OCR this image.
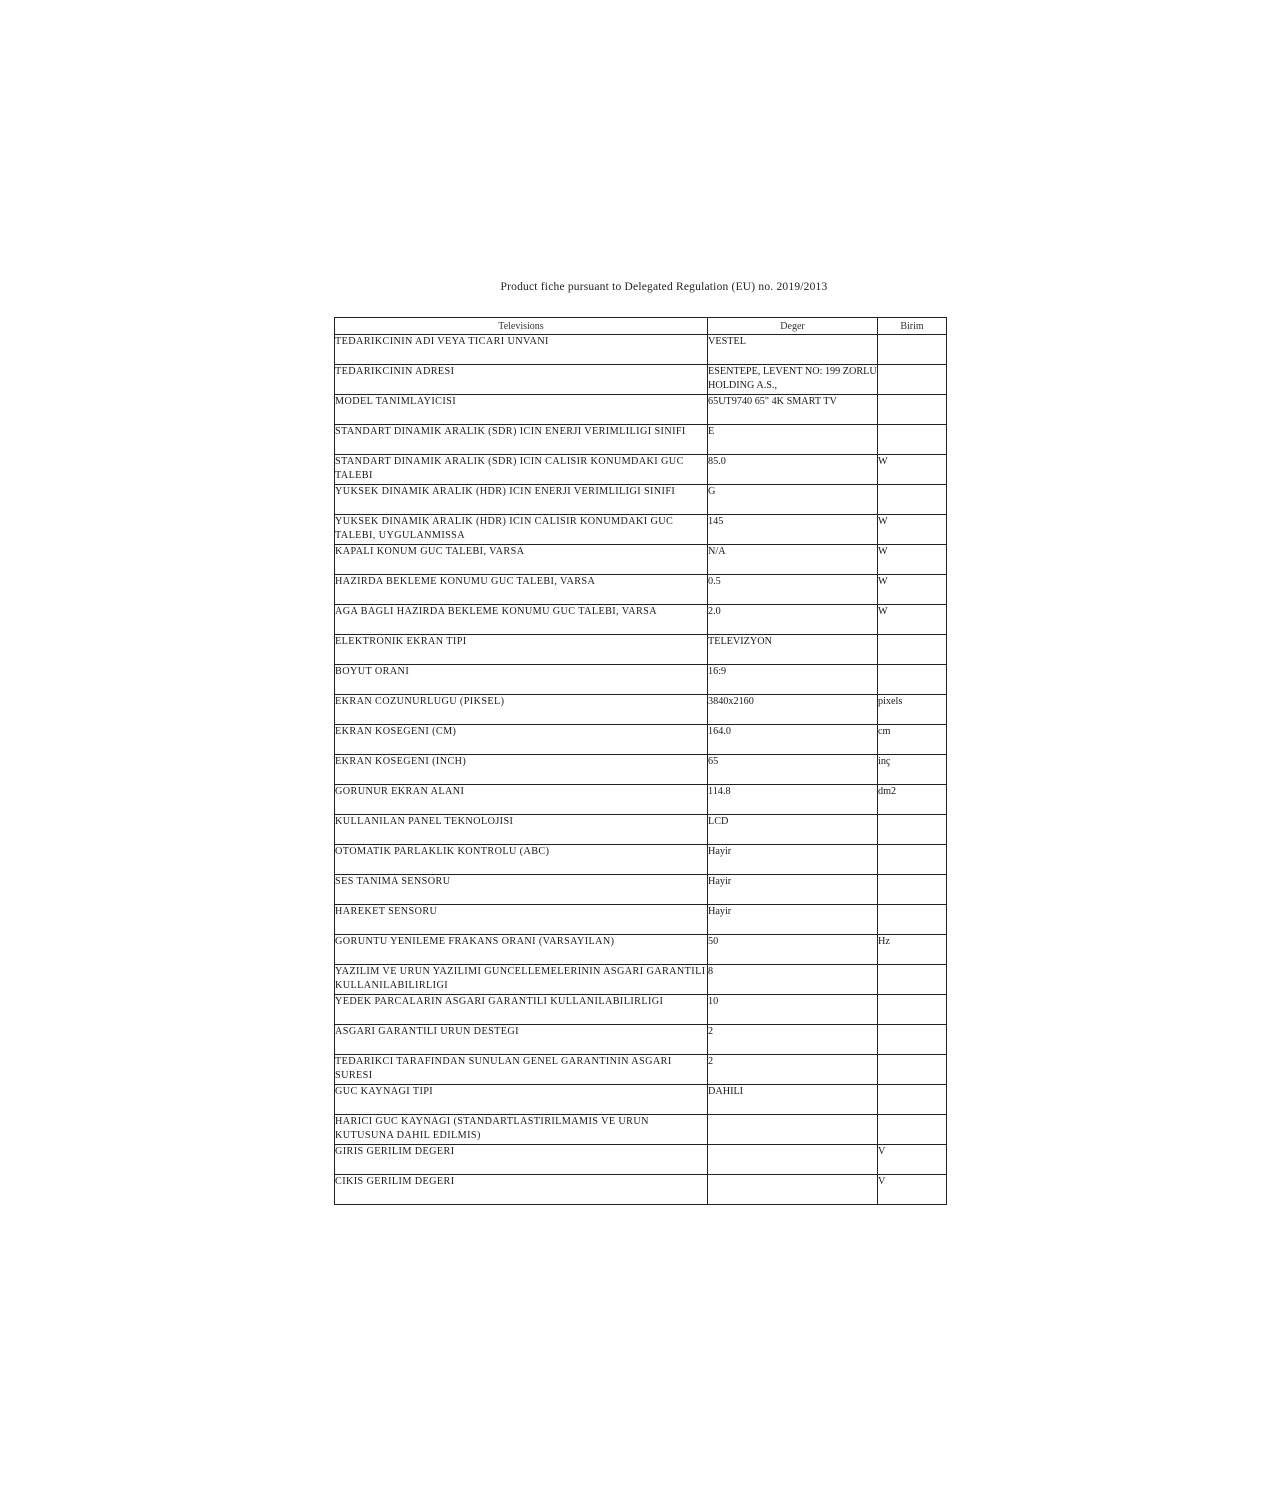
Product fiche pursuant to Delegated Regulation (EU) no. 2019/2013
Televisions	Deger	Birim
TEDARIKCININ ADI VEYA TICARI UNVANI	VESTEL	
TEDARIKCININ ADRESI	ESENTEPE, LEVENT NO: 199 ZORLU HOLDING A.S.,	
MODEL TANIMLAYICISI	65UT9740 65" 4K SMART TV	
STANDART DINAMIK ARALIK (SDR) ICIN ENERJI VERIMLILIGI SINIFI	E	
STANDART DINAMIK ARALIK (SDR) ICIN CALISIR KONUMDAKI GUC TALEBI	85.0	W
YUKSEK DINAMIK ARALIK (HDR) ICIN ENERJI VERIMLILIGI SINIFI	G	
YUKSEK DINAMIK ARALIK (HDR) ICIN CALISIR KONUMDAKI GUC TALEBI, UYGULANMISSA	145	W
KAPALI KONUM GUC TALEBI, VARSA	N/A	W
HAZIRDA BEKLEME KONUMU GUC TALEBI, VARSA	0.5	W
AGA BAGLI HAZIRDA BEKLEME KONUMU GUC TALEBI, VARSA	2.0	W
ELEKTRONIK EKRAN TIPI	TELEVIZYON	
BOYUT ORANI	16:9	
EKRAN COZUNURLUGU (PIKSEL)	3840x2160	pixels
EKRAN KOSEGENI (CM)	164.0	cm
EKRAN KOSEGENI (INCH)	65	inç
GORUNUR EKRAN ALANI	114.8	dm2
KULLANILAN PANEL TEKNOLOJISI	LCD	
OTOMATIK PARLAKLIK KONTROLU (ABC)	Hayir	
SES TANIMA SENSORU	Hayir	
HAREKET SENSORU	Hayir	
GORUNTU YENILEME FRAKANS ORANI (VARSAYILAN)	50	Hz
YAZILIM VE URUN YAZILIMI GUNCELLEMELERININ ASGARI GARANTILI KULLANILABILIRLIGI	8	
YEDEK PARCALARIN ASGARI GARANTILI KULLANILABILIRLIGI	10	
ASGARI GARANTILI URUN DESTEGI	2	
TEDARIKCI TARAFINDAN SUNULAN GENEL GARANTININ ASGARI SURESI	2	
GUC KAYNAGI TIPI	DAHILI	
HARICI GUC KAYNAGI (STANDARTLASTIRILMAMIS VE URUN KUTUSUNA DAHIL EDILMIS)		
GIRIS GERILIM DEGERI		V
CIKIS GERILIM DEGERI		V
